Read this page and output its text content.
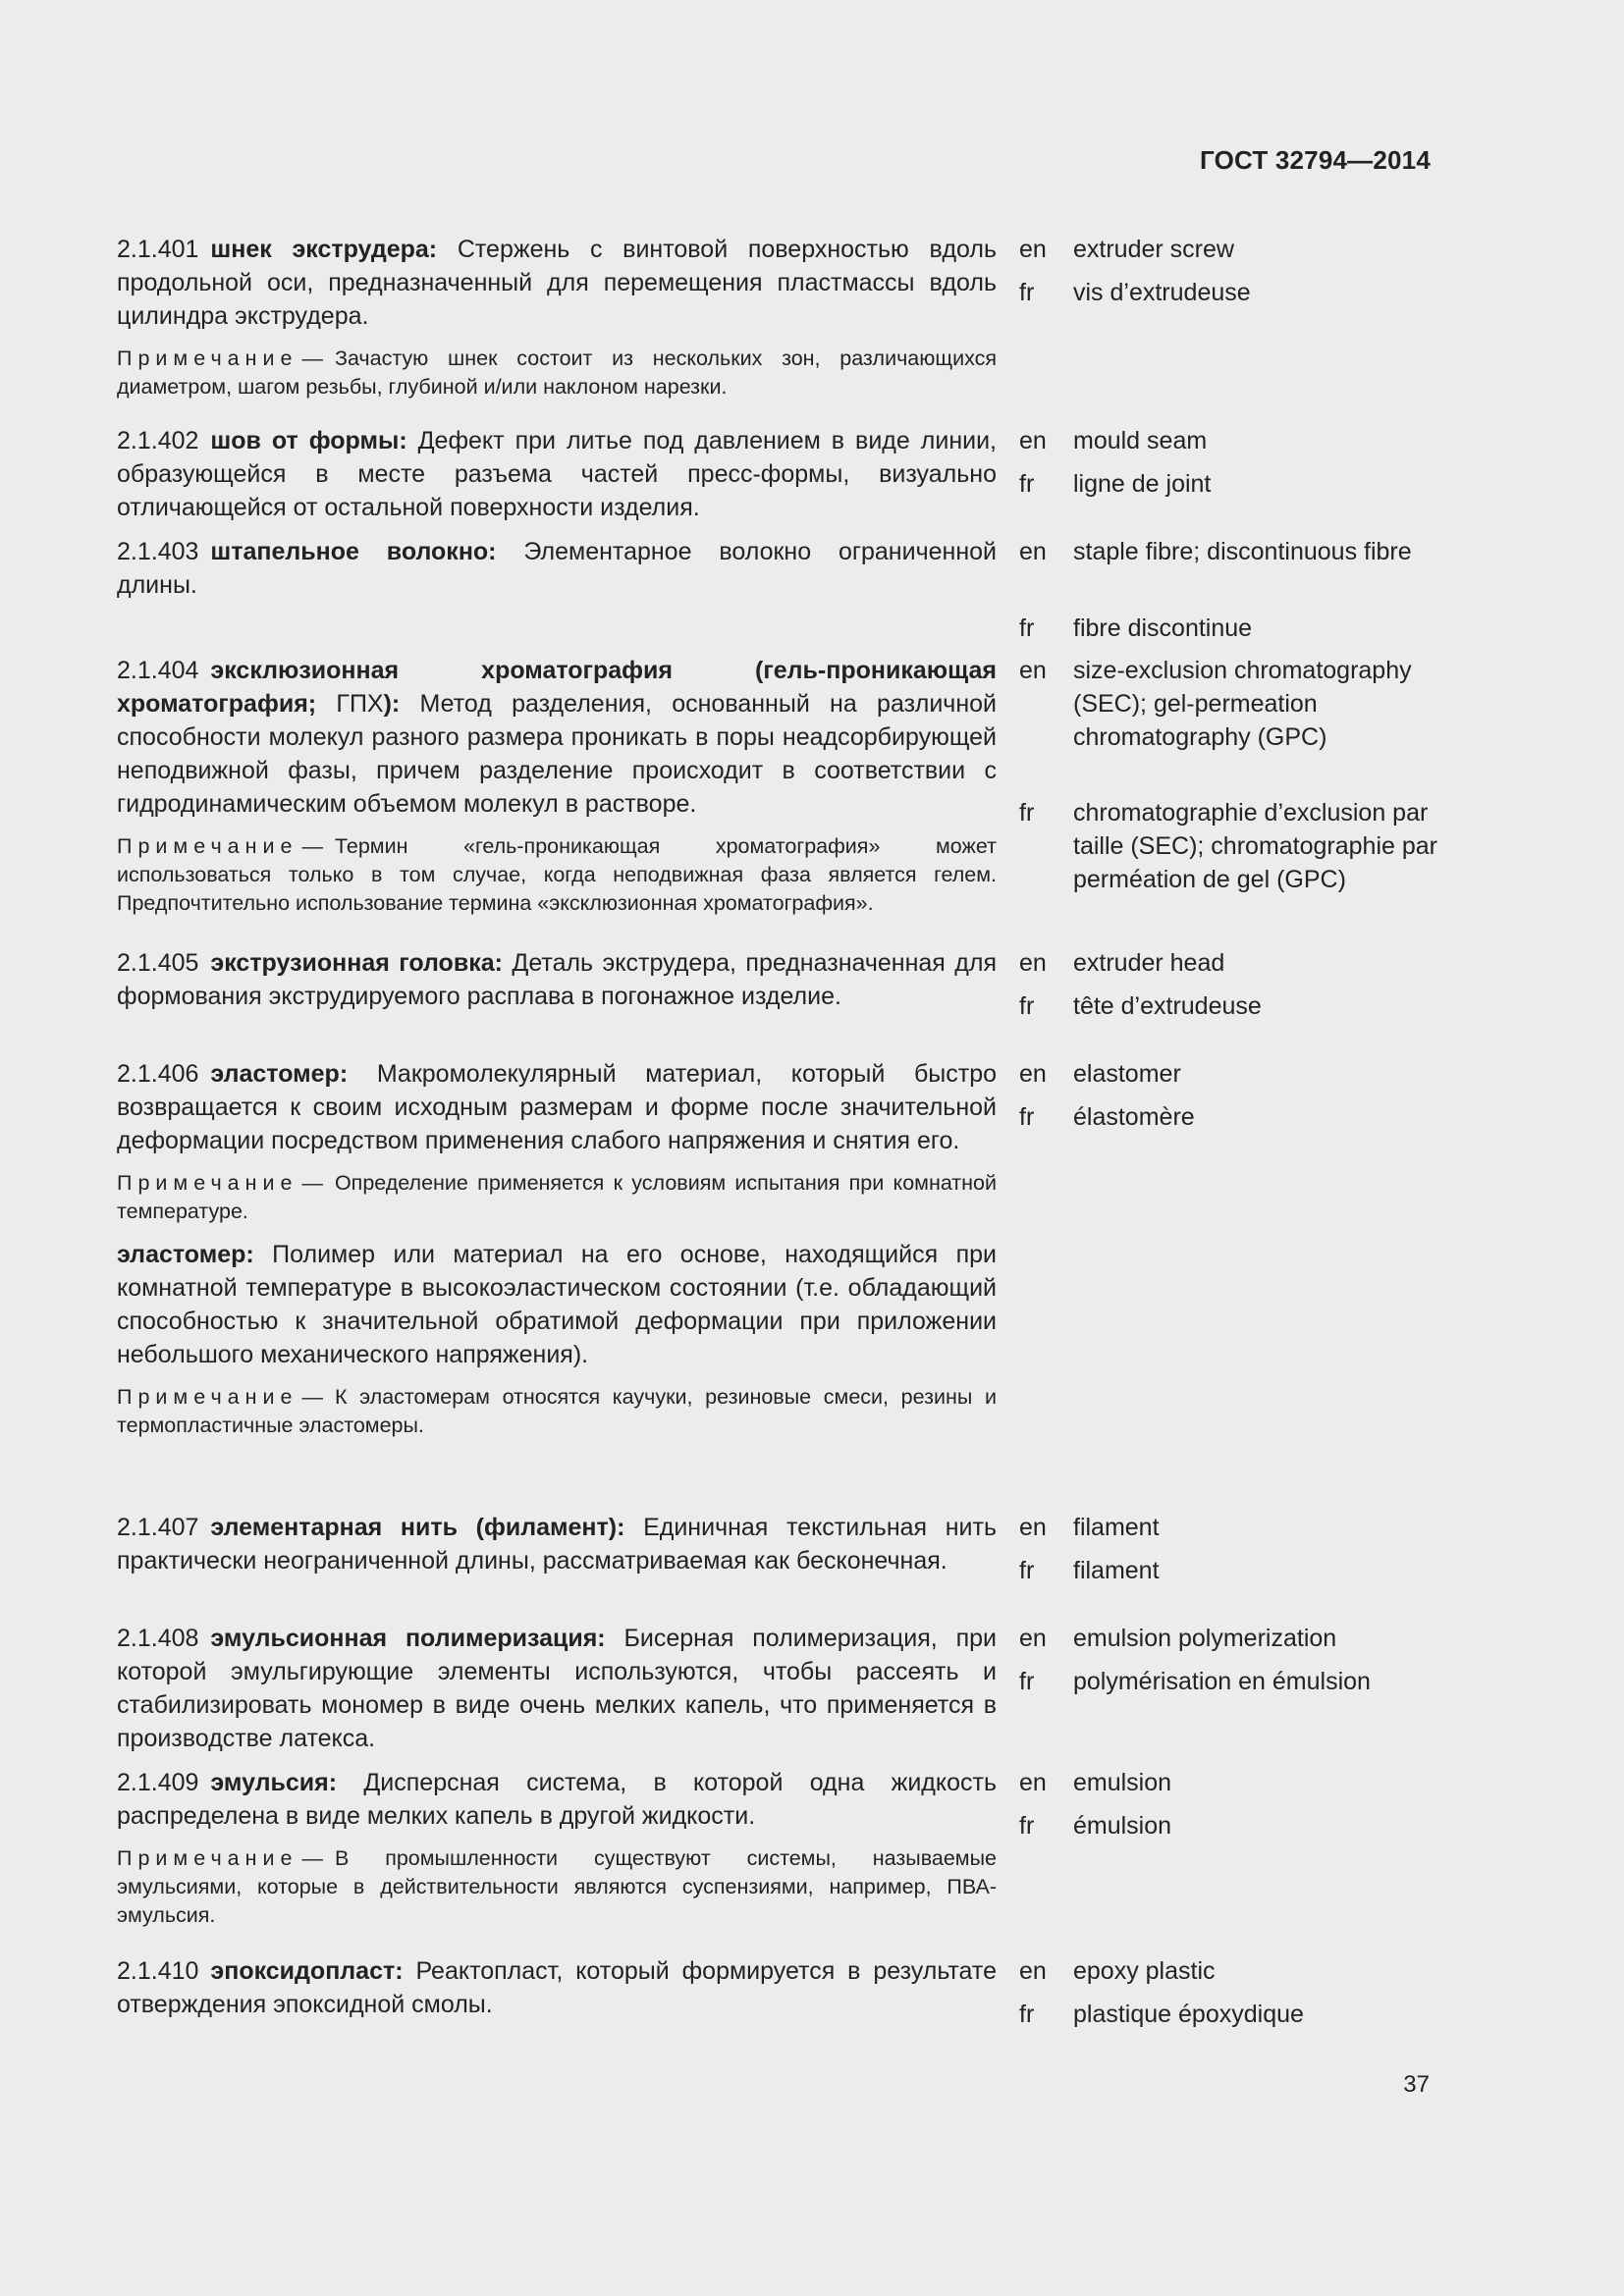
ГОСТ 32794—2014
2.1.401 шнек экструдера: Стержень с винтовой поверхностью вдоль продольной оси, предназначенный для перемещения пластмассы вдоль цилиндра экструдера.
Примечание — Зачастую шнек состоит из нескольких зон, различающихся диаметром, шагом резьбы, глубиной и/или наклоном нарезки.
en	extruder screw
fr	vis d’extrudeuse
2.1.402 шов от формы: Дефект при литье под давлением в виде линии, образующейся в месте разъема частей пресс-формы, визуально отличающейся от остальной поверхности изделия.
en	mould seam
fr	ligne de joint
2.1.403 штапельное волокно: Элементарное волокно ограниченной длины.
en	staple fibre; discontinuous fibre
fr	fibre discontinue
2.1.404 эксклюзионная хроматография (гель-проникающая хроматография; ГПХ): Метод разделения, основанный на различной способности молекул разного размера проникать в поры неадсорбирующей неподвижной фазы, причем разделение происходит в соответствии с гидродинамическим объемом молекул в растворе.
Примечание — Термин «гель-проникающая хроматография» может использоваться только в том случае, когда неподвижная фаза является гелем. Предпочтительно использование термина «эксклюзионная хроматография».
en	size-exclusion chromatography (SEC); gel-permeation chromatography (GPC)
fr	chromatographie d’exclusion par taille (SEC); chromatographie par perméation de gel (GPC)
2.1.405 экструзионная головка: Деталь экструдера, предназначенная для формования экструдируемого расплава в погонажное изделие.
en	extruder head
fr	tête d’extrudeuse
2.1.406 эластомер: Макромолекулярный материал, который быстро возвращается к своим исходным размерам и форме после значительной деформации посредством применения слабого напряжения и снятия его.
Примечание — Определение применяется к условиям испытания при комнатной температуре.
эластомер: Полимер или материал на его основе, находящийся при комнатной температуре в высокоэластическом состоянии (т.е. обладающий способностью к значительной обратимой деформации при приложении небольшого механического напряжения).
Примечание — К эластомерам относятся каучуки, резиновые смеси, резины и термопластичные эластомеры.
en	elastomer
fr	élastomère
2.1.407 элементарная нить (филамент): Единичная текстильная нить практически неограниченной длины, рассматриваемая как бесконечная.
en	filament
fr	filament
2.1.408 эмульсионная полимеризация: Бисерная полимеризация, при которой эмульгирующие элементы используются, чтобы рассеять и стабилизировать мономер в виде очень мелких капель, что применяется в производстве латекса.
en	emulsion polymerization
fr	polymérisation en émulsion
2.1.409 эмульсия: Дисперсная система, в которой одна жидкость распределена в виде мелких капель в другой жидкости.
Примечание — В промышленности существуют системы, называемые эмульсиями, которые в действительности являются суспензиями, например, ПВА-эмульсия.
en	emulsion
fr	émulsion
2.1.410 эпоксидопласт: Реактопласт, который формируется в результате отверждения эпоксидной смолы.
en	epoxy plastic
fr	plastique époxydique
37
